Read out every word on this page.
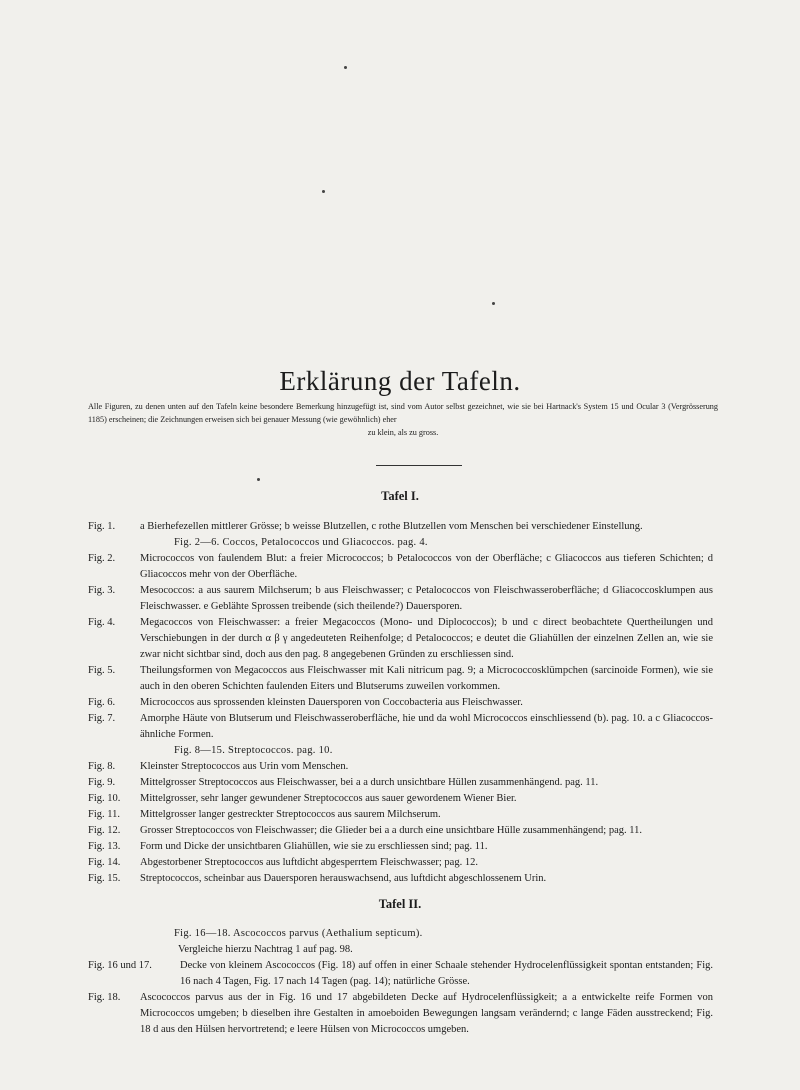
Erklärung der Tafeln.
Alle Figuren, zu denen unten auf den Tafeln keine besondere Bemerkung hinzugefügt ist, sind vom Autor selbst gezeichnet, wie sie bei Hartnack's System 15 und Ocular 3 (Vergrösserung 1185) erscheinen; die Zeichnungen erweisen sich bei genauer Messung (wie gewöhnlich) eher
zu klein, als zu gross.
Tafel I.
Fig. 1.	a Bierhefezellen mittlerer Grösse; b weisse Blutzellen, c rothe Blutzellen vom Menschen bei verschiedener Einstellung.
Fig. 2—6. Coccos, Petalococcos und Gliacoccos. pag. 4.
Fig. 2.	Micrococcos von faulendem Blut: a freier Micrococcos; b Petalococcos von der Oberfläche; c Gliacoccos aus tieferen Schichten; d Gliacoccos mehr von der Oberfläche.
Fig. 3.	Mesococcos: a aus saurem Milchserum; b aus Fleischwasser; c Petalococcos von Fleischwasseroberfläche; d Gliacoccosklumpen aus Fleischwasser. e Geblähte Sprossen treibende (sich theilende?) Dauersporen.
Fig. 4.	Megacoccos von Fleischwasser: a freier Megacoccos (Mono- und Diplococcos); b und c direct beobachtete Quertheilungen und Verschiebungen in der durch α β γ angedeuteten Reihenfolge; d Petalococcos; e deutet die Gliahüllen der einzelnen Zellen an, wie sie zwar nicht sichtbar sind, doch aus den pag. 8 angegebenen Gründen zu erschliessen sind.
Fig. 5.	Theilungsformen von Megacoccos aus Fleischwasser mit Kali nitricum pag. 9; a Micrococcosklümpchen (sarcinoide Formen), wie sie auch in den oberen Schichten faulenden Eiters und Blutserums zuweilen vorkommen.
Fig. 6.	Micrococcos aus sprossenden kleinsten Dauersporen von Coccobacteria aus Fleischwasser.
Fig. 7.	Amorphe Häute von Blutserum und Fleischwasseroberfläche, hie und da wohl Micrococcos einschliessend (b). pag. 10. a c Gliacoccos-ähnliche Formen.
Fig. 8—15. Streptococcos. pag. 10.
Fig. 8.	Kleinster Streptococcos aus Urin vom Menschen.
Fig. 9.	Mittelgrosser Streptococcos aus Fleischwasser, bei a a durch unsichtbare Hüllen zusammenhängend. pag. 11.
Fig. 10.	Mittelgrosser, sehr langer gewundener Streptococcos aus sauer gewordenem Wiener Bier.
Fig. 11.	Mittelgrosser langer gestreckter Streptococcos aus saurem Milchserum.
Fig. 12.	Grosser Streptococcos von Fleischwasser; die Glieder bei a a durch eine unsichtbare Hülle zusammenhängend; pag. 11.
Fig. 13.	Form und Dicke der unsichtbaren Gliahüllen, wie sie zu erschliessen sind; pag. 11.
Fig. 14.	Abgestorbener Streptococcos aus luftdicht abgesperrtem Fleischwasser; pag. 12.
Fig. 15.	Streptococcos, scheinbar aus Dauersporen herauswachsend, aus luftdicht abgeschlossenem Urin.
Tafel II.
Fig. 16—18. Ascococcos parvus (Aethalium septicum).
Vergleiche hierzu Nachtrag 1 auf pag. 98.
Fig. 16 und 17.	Decke von kleinem Ascococcos (Fig. 18) auf offen in einer Schaale stehender Hydrocelenflüssigkeit spontan entstanden; Fig. 16 nach 4 Tagen, Fig. 17 nach 14 Tagen (pag. 14); natürliche Grösse.
Fig. 18.	Ascococcos parvus aus der in Fig. 16 und 17 abgebildeten Decke auf Hydrocelenflüssigkeit; a a entwickelte reife Formen von Micrococcos umgeben; b dieselben ihre Gestalten in amoeboiden Bewegungen langsam verändernd; c lange Fäden ausstreckend; Fig. 18 d aus den Hülsen hervortretend; e leere Hülsen von Micrococcos umgeben.
